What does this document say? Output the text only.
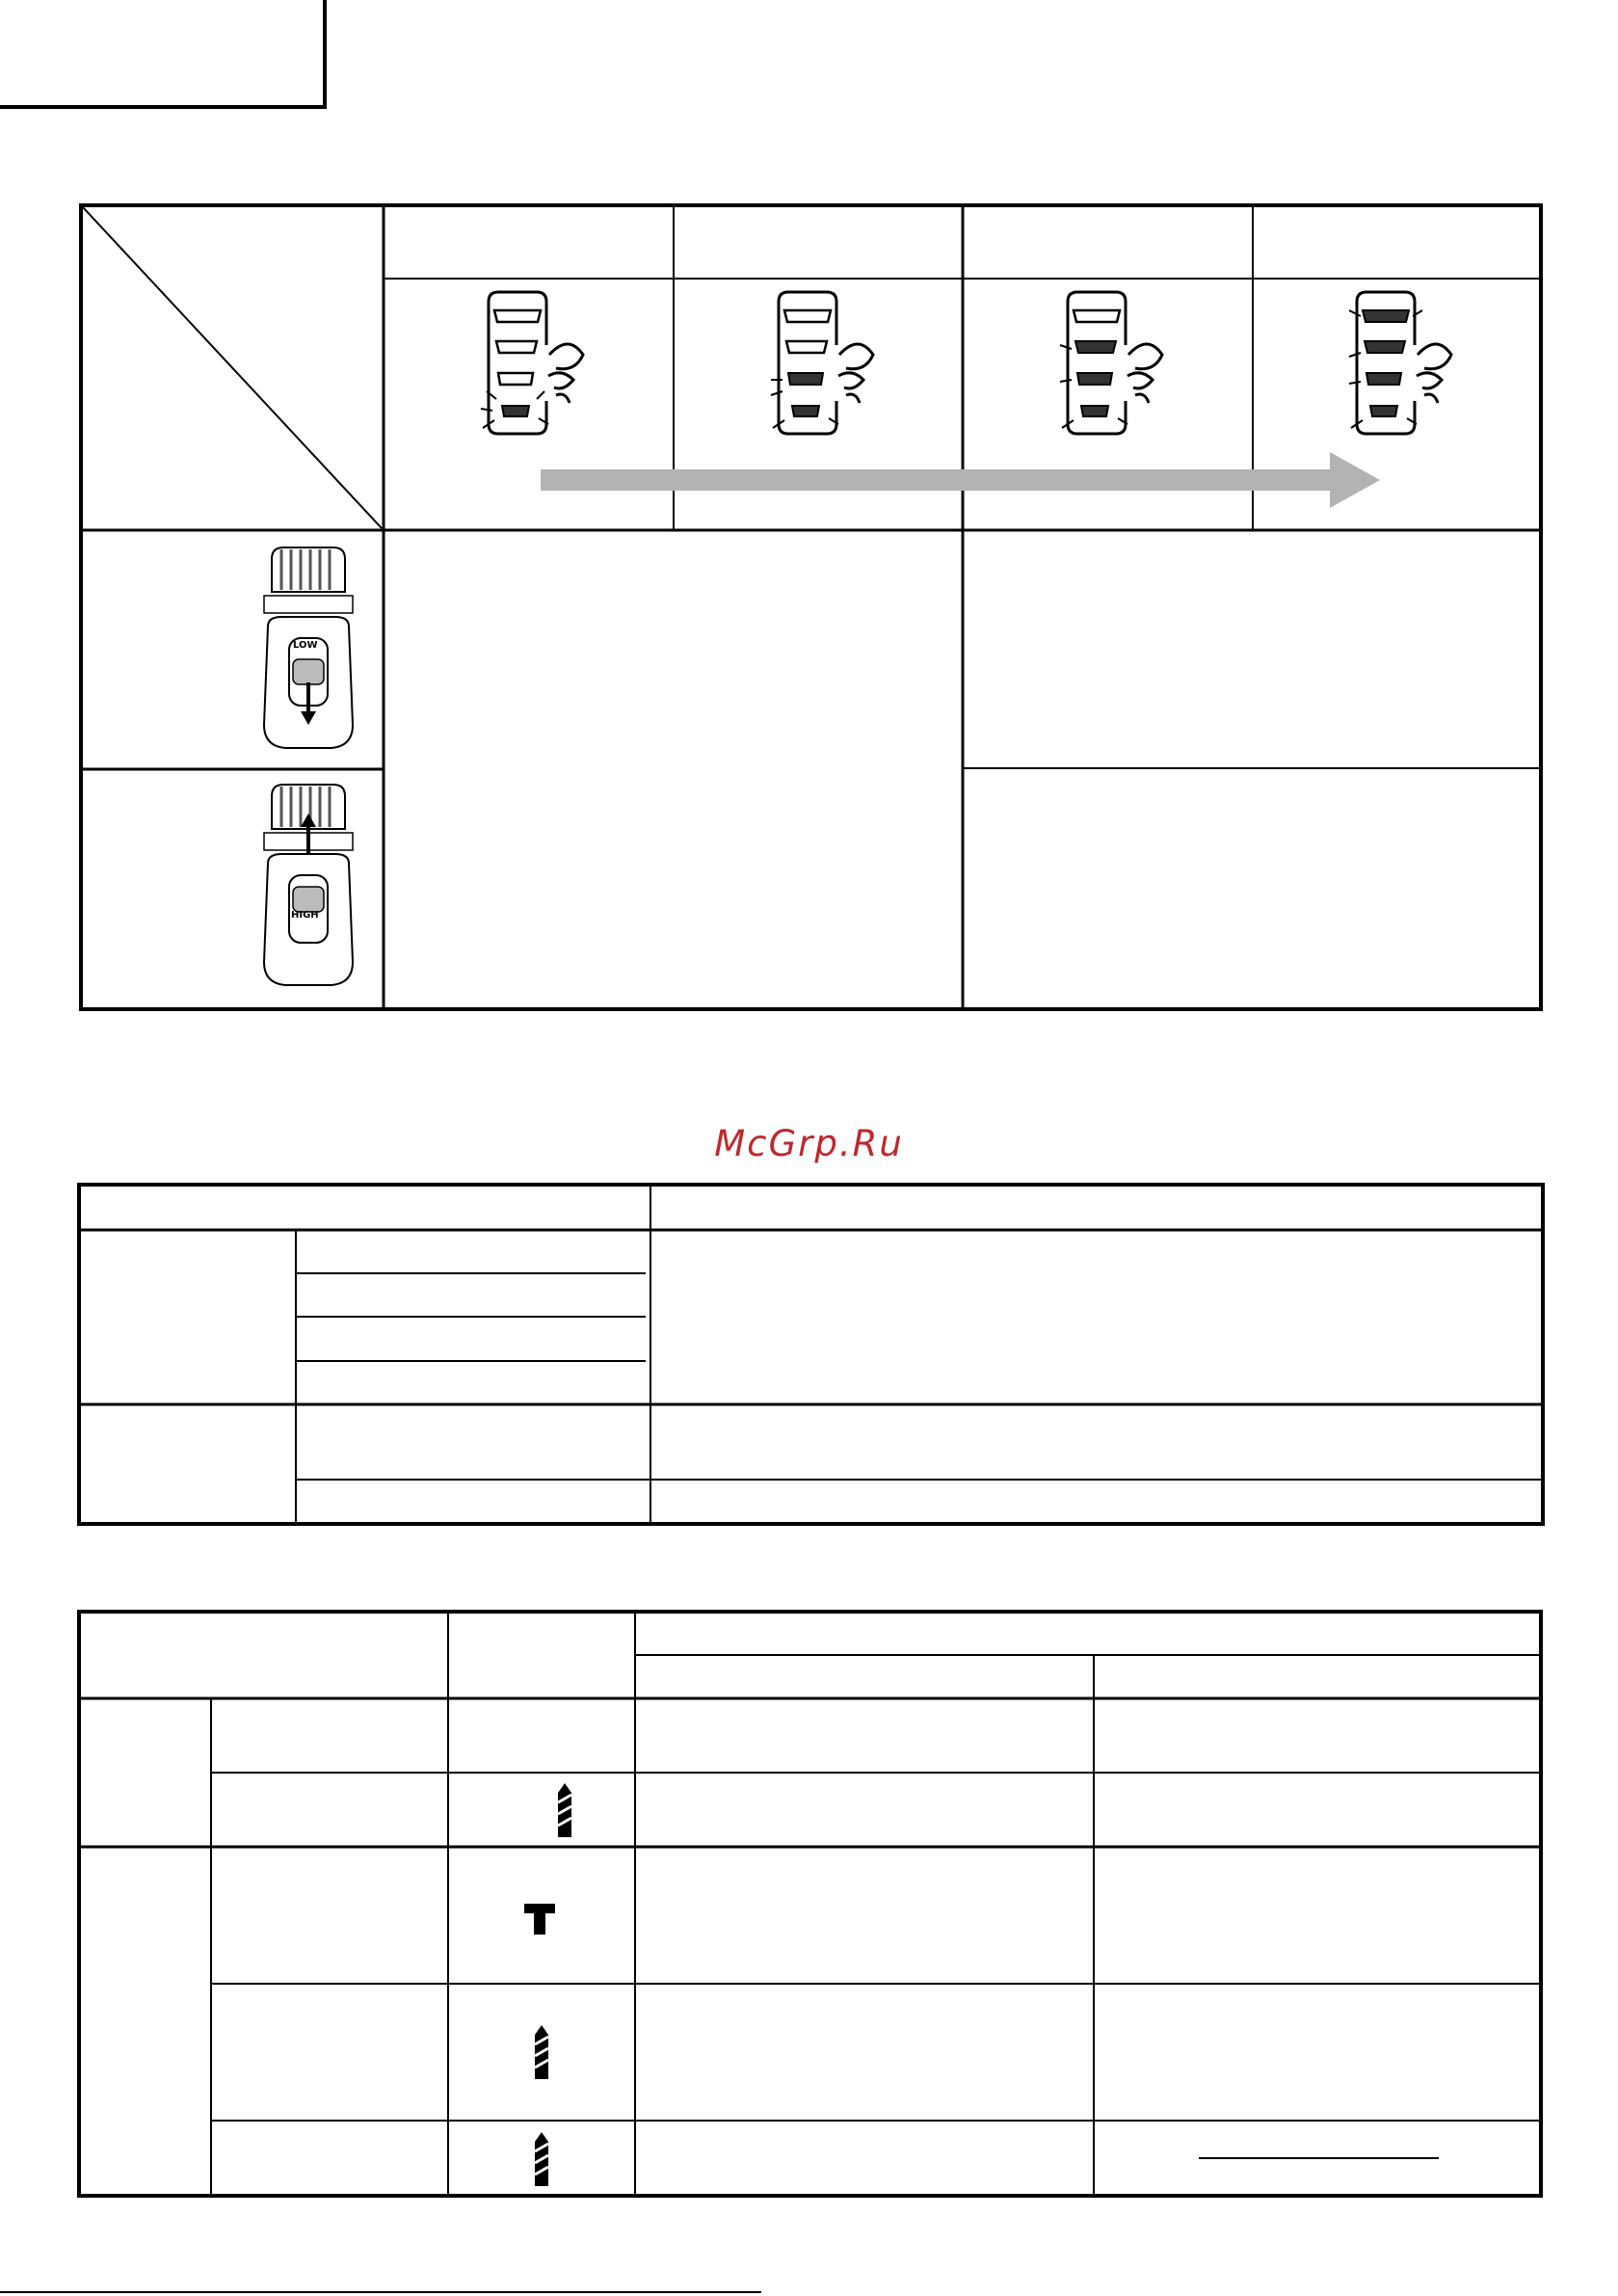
LOW
HIGH
McGrp.Ru
